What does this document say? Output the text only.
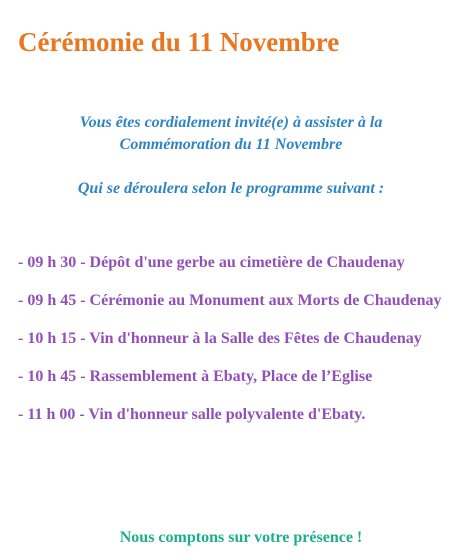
Cérémonie du 11 Novembre
Vous êtes cordialement invité(e) à assister à la
Commémoration du 11 Novembre
Qui se déroulera selon le programme suivant :
- 09 h 30 - Dépôt d'une gerbe au cimetière de Chaudenay
- 09 h 45 - Cérémonie au Monument aux Morts de Chaudenay
- 10 h 15 - Vin d'honneur à la Salle des Fêtes de Chaudenay
- 10 h 45 - Rassemblement à Ebaty, Place de l’Eglise
- 11 h 00 - Vin d'honneur salle polyvalente d'Ebaty.
Nous comptons sur votre présence !
